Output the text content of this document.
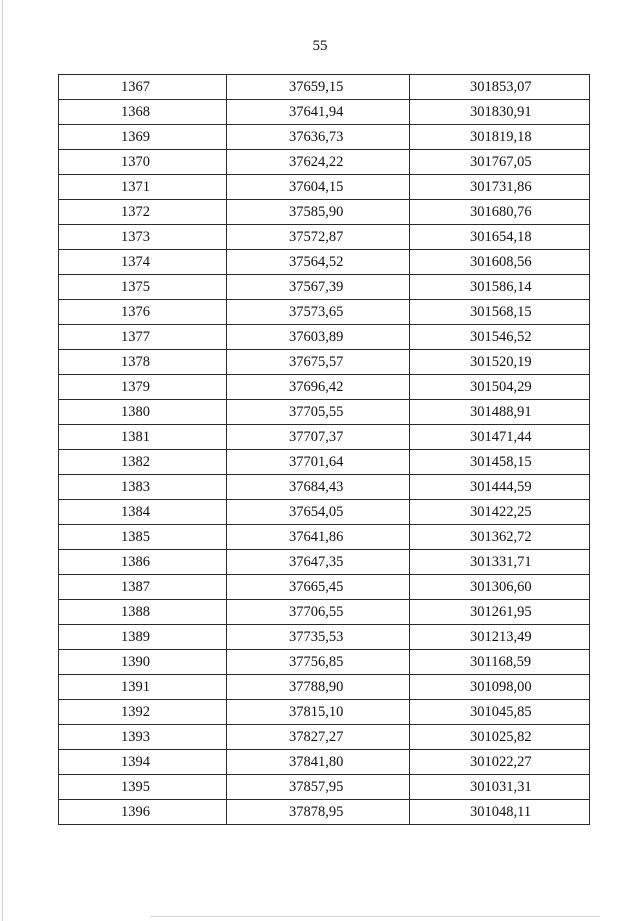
55
1367	37659,15	301853,07
1368	37641,94	301830,91
1369	37636,73	301819,18
1370	37624,22	301767,05
1371	37604,15	301731,86
1372	37585,90	301680,76
1373	37572,87	301654,18
1374	37564,52	301608,56
1375	37567,39	301586,14
1376	37573,65	301568,15
1377	37603,89	301546,52
1378	37675,57	301520,19
1379	37696,42	301504,29
1380	37705,55	301488,91
1381	37707,37	301471,44
1382	37701,64	301458,15
1383	37684,43	301444,59
1384	37654,05	301422,25
1385	37641,86	301362,72
1386	37647,35	301331,71
1387	37665,45	301306,60
1388	37706,55	301261,95
1389	37735,53	301213,49
1390	37756,85	301168,59
1391	37788,90	301098,00
1392	37815,10	301045,85
1393	37827,27	301025,82
1394	37841,80	301022,27
1395	37857,95	301031,31
1396	37878,95	301048,11
